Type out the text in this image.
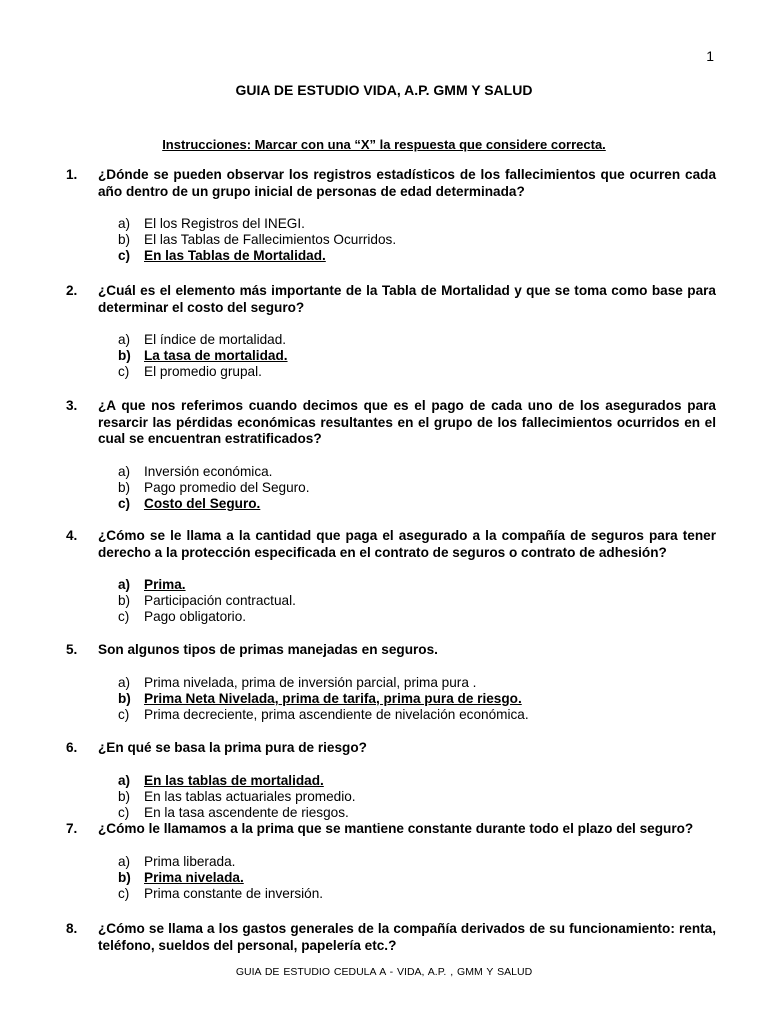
1
GUIA DE ESTUDIO VIDA, A.P. GMM Y SALUD
Instrucciones: Marcar con una “X” la respuesta que considere correcta.
1.	¿Dónde se pueden observar los registros estadísticos de los fallecimientos que ocurren cada año dentro de un grupo inicial de personas de edad determinada?
a)	El los Registros del INEGI.
b)	El las Tablas de Fallecimientos Ocurridos.
c)	En las Tablas de Mortalidad.
2.	¿Cuál es el elemento más importante de la Tabla de Mortalidad y que se toma como base para determinar el costo del seguro?
a)	El índice de mortalidad.
b) La tasa de mortalidad.
c)	El promedio grupal.
3.	¿A que nos referimos cuando decimos que es el pago de cada uno de los asegurados para resarcir las pérdidas económicas resultantes en el grupo de los fallecimientos ocurridos en el cual se encuentran estratificados?
a)	Inversión económica.
b)	Pago promedio del Seguro.
c)	Costo del Seguro.
4.	¿Cómo se le llama a la cantidad que paga el asegurado a la compañía de seguros para tener derecho a la protección especificada en el contrato de seguros o contrato de adhesión?
a)	Prima.
b)	Participación contractual.
c)	Pago obligatorio.
5.	Son algunos tipos de primas manejadas en seguros.
a)	Prima nivelada, prima de inversión parcial, prima pura .
b) Prima Neta Nivelada, prima de tarifa, prima pura de riesgo.
c)	Prima decreciente, prima ascendiente de nivelación económica.
6.	¿En qué se basa la prima pura de riesgo?
a)	En las tablas de mortalidad.
b)	En las tablas actuariales promedio.
c)	En la tasa ascendente de riesgos.
7.	¿Cómo le llamamos a la prima que se mantiene constante durante todo el plazo del seguro?
a)	Prima liberada.
b) Prima nivelada.
c)	Prima constante de inversión.
8.	¿Cómo se llama a los gastos generales de la compañía derivados de su funcionamiento: renta, teléfono, sueldos del personal, papelería etc.?
GUIA DE ESTUDIO CEDULA A - VIDA, A.P. , GMM Y SALUD
